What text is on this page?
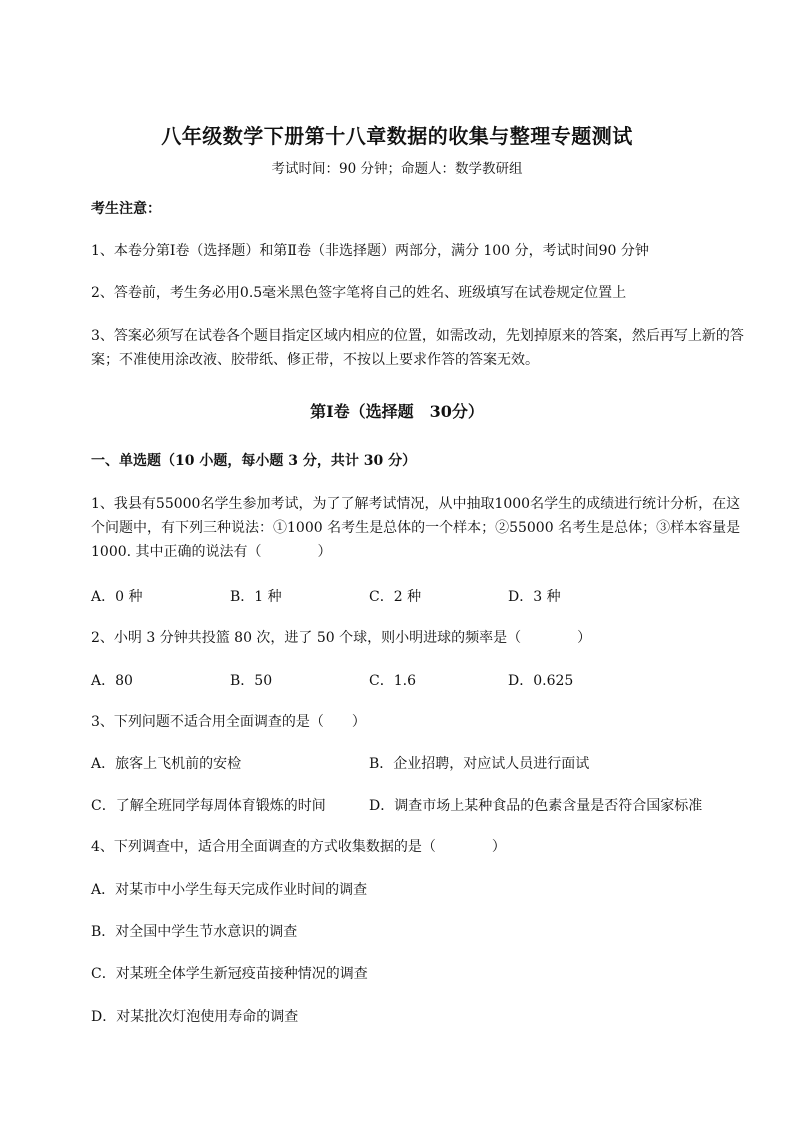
八年级数学下册第十八章数据的收集与整理专题测试
考试时间：90 分钟；命题人：数学教研组
考生注意：
1、本卷分第Ⅰ卷（选择题）和第Ⅱ卷（非选择题）两部分，满分 100 分，考试时间90 分钟
2、答卷前，考生务必用0.5毫米黑色签字笔将自己的姓名、班级填写在试卷规定位置上
3、答案必须写在试卷各个题目指定区域内相应的位置，如需改动，先划掉原来的答案，然后再写上新的答案；不准使用涂改液、胶带纸、修正带，不按以上要求作答的答案无效。
第Ⅰ卷（选择题　30分）
一、单选题（10 小题，每小题 3 分，共计 30 分）
1、我县有55000名学生参加考试，为了了解考试情况，从中抽取1000名学生的成绩进行统计分析，在这个问题中，有下列三种说法：①1000 名考生是总体的一个样本；②55000 名考生是总体；③样本容量是1000. 其中正确的说法有（　　　　）
A．0 种	B．1 种	C．2 种	D．3 种
2、小明 3 分钟共投篮 80 次，进了 50 个球，则小明进球的频率是（　　　　）
A．80	B．50	C．1.6	D．0.625
3、下列问题不适合用全面调查的是（　　）
A．旅客上飞机前的安检	B．企业招聘，对应试人员进行面试
C．了解全班同学每周体育锻炼的时间	D．调查市场上某种食品的色素含量是否符合国家标准
4、下列调查中，适合用全面调查的方式收集数据的是（　　　　）
A．对某市中小学生每天完成作业时间的调查
B．对全国中学生节水意识的调查
C．对某班全体学生新冠疫苗接种情况的调查
D．对某批次灯泡使用寿命的调查
